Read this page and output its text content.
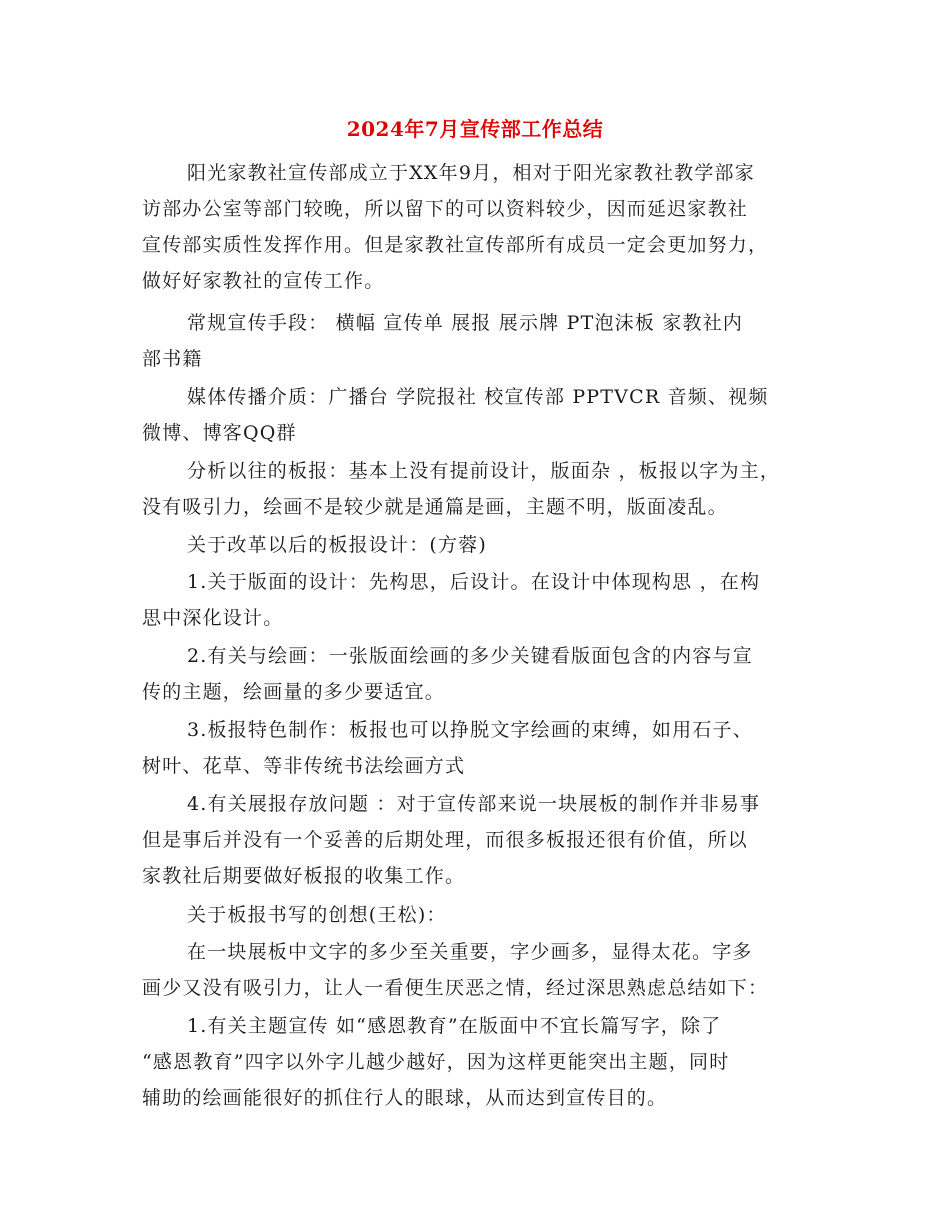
2024年7月宣传部工作总结
阳光家教社宣传部成立于XX年9月，相对于阳光家教社教学部家
访部办公室等部门较晚，所以留下的可以资料较少，因而延迟家教社
宣传部实质性发挥作用。但是家教社宣传部所有成员一定会更加努力，
做好好家教社的宣传工作。
常规宣传手段： 横幅 宣传单 展报 展示牌 PT泡沫板 家教社内
部书籍
媒体传播介质：广播台 学院报社 校宣传部 PPTVCR 音频、视频
微博、博客QQ群
分析以往的板报：基本上没有提前设计，版面杂 ，板报以字为主，
没有吸引力，绘画不是较少就是通篇是画，主题不明，版面凌乱。
关于改革以后的板报设计：(方蓉)
1.关于版面的设计：先构思，后设计。在设计中体现构思 ，在构
思中深化设计。
2.有关与绘画：一张版面绘画的多少关键看版面包含的内容与宣
传的主题，绘画量的多少要适宜。
3.板报特色制作：板报也可以挣脱文字绘画的束缚，如用石子、
树叶、花草、等非传统书法绘画方式
4.有关展报存放问题 ：对于宣传部来说一块展板的制作并非易事
但是事后并没有一个妥善的后期处理，而很多板报还很有价值，所以
家教社后期要做好板报的收集工作。
关于板报书写的创想(王松)：
在一块展板中文字的多少至关重要，字少画多，显得太花。字多
画少又没有吸引力，让人一看便生厌恶之情，经过深思熟虑总结如下：
1.有关主题宣传 如“感恩教育”在版面中不宜长篇写字，除了
“感恩教育”四字以外字儿越少越好，因为这样更能突出主题，同时
辅助的绘画能很好的抓住行人的眼球，从而达到宣传目的。
